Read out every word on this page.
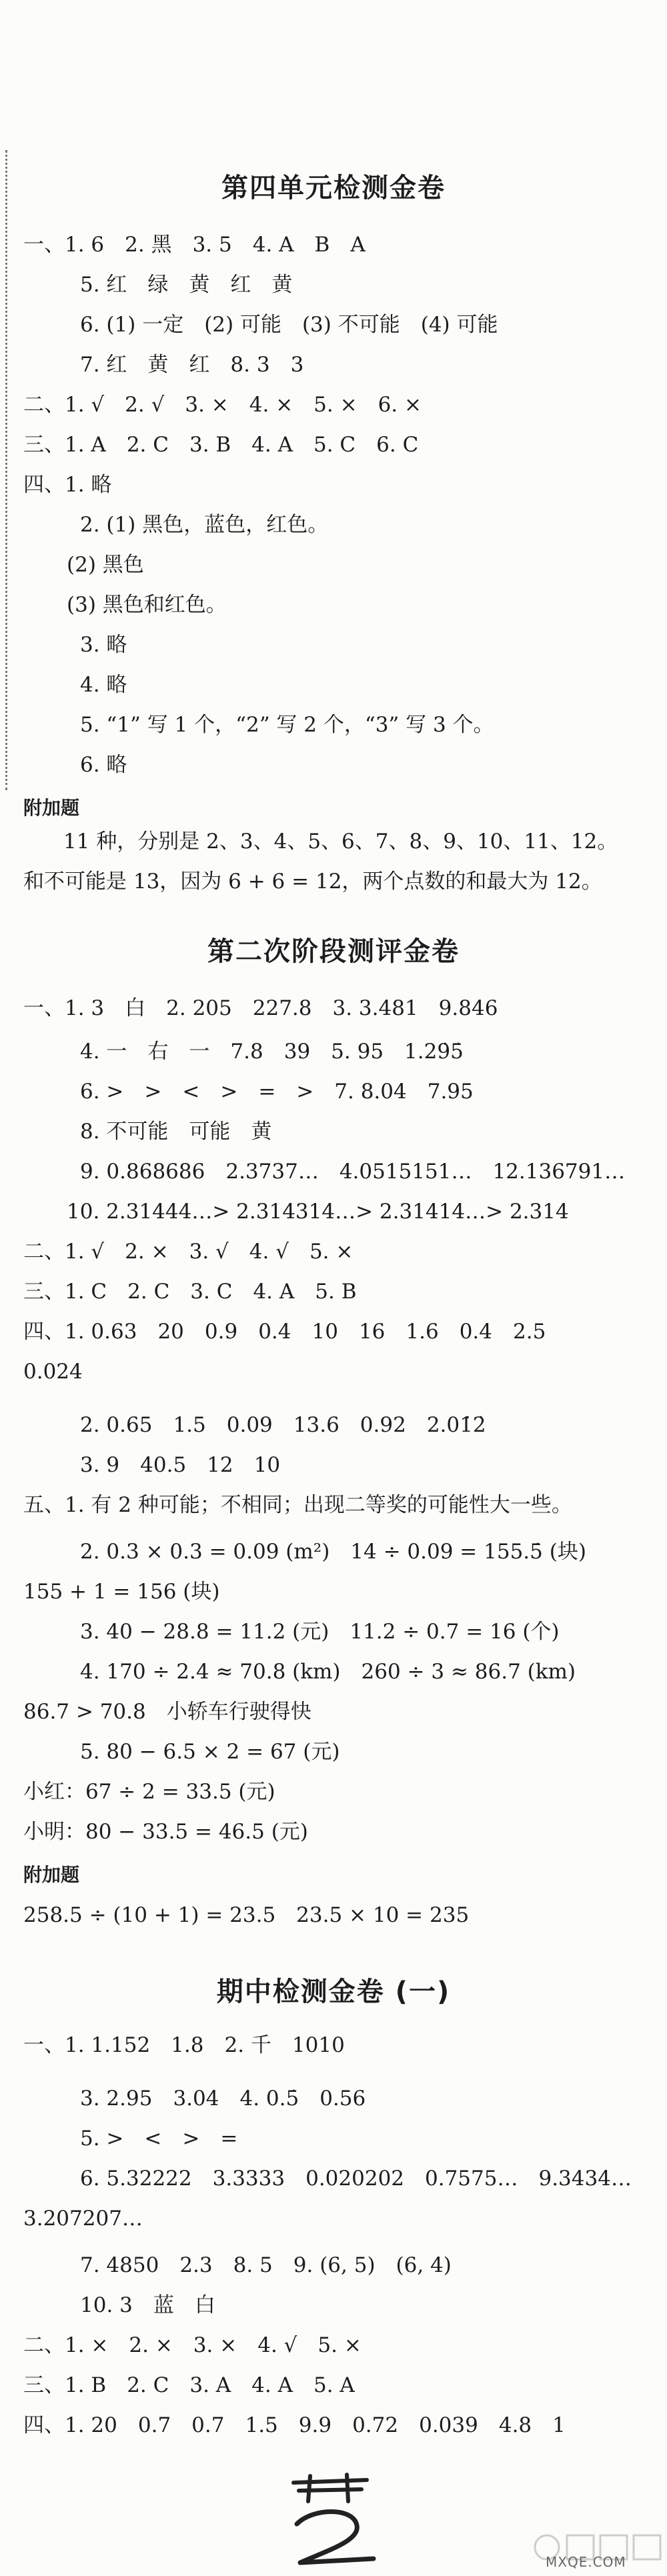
第四单元检测金卷
一、1. 6　2. 黑　3. 5　4. A　B　A
5. 红　绿　黄　红　黄
6. (1) 一定　(2) 可能　(3) 不可能　(4) 可能
7. 红　黄　红　8. 3　3
二、1. √　2. √　3. ×　4. ×　5. ×　6. ×
三、1. A　2. C　3. B　4. A　5. C　6. C
四、1. 略
2. (1) 黑色，蓝色，红色。
(2) 黑色
(3) 黑色和红色。
3. 略
4. 略
5. “1” 写 1 个，“2” 写 2 个，“3” 写 3 个。
6. 略
附加题
11 种，分别是 2、3、4、5、6、7、8、9、10、11、12。
和不可能是 13，因为 6 + 6 = 12，两个点数的和最大为 12。
第二次阶段测评金卷
一、1. 3　白　2. 205　227.8　3. 3.481　9.846
4. 一　右　一　7.8　39　5. 95　1.29̇5̇
6. >　>　<　>　=　>　7. 8.04　7.95
8. 不可能　可能　黄
9. 0.868686　2.3737…　4.0515151…　12.136791…
10. 2.31444…> 2.314314…> 2.31414…> 2.314
二、1. √　2. ×　3. √　4. √　5. ×
三、1. C　2. C　3. C　4. A　5. B
四、1. 0.63　20　0.9　0.4　10　16　1.6　0.4　2.5
0.024
2. 0.65　1.5　0.09　13.6　0.92　2.01̇2̇
3. 9　40.5　12　10
五、1. 有 2 种可能；不相同；出现二等奖的可能性大一些。
2. 0.3 × 0.3 = 0.09 (m²)　14 ÷ 0.09 = 155.5̇ (块)
155 + 1 = 156 (块)
3. 40 − 28.8 = 11.2 (元)　11.2 ÷ 0.7 = 16 (个)
4. 170 ÷ 2.4 ≈ 70.8 (km)　260 ÷ 3 ≈ 86.7 (km)
86.7 > 70.8　小轿车行驶得快
5. 80 − 6.5 × 2 = 67 (元)
小红：67 ÷ 2 = 33.5 (元)
小明：80 − 33.5 = 46.5 (元)
附加题
258.5 ÷ (10 + 1) = 23.5　23.5 × 10 = 235
期中检测金卷 (一)
一、1. 1.152　1.8　2. 千　1010
3. 2.95　3.04　4. 0.5̇　0.56
5. >　<　>　=
6. 5.32222　3.3333　0.020202　0.7575…　9.3434…
3.207207…
7. 4850　2.3　8. 5　9. (6, 5)　(6, 4)
10. 3　蓝　白
二、1. ×　2. ×　3. ×　4. √　5. ×
三、1. B　2. C　3. A　4. A　5. A
四、1. 20　0.7　0.7　1.5　9.9　0.72　0.039　4.8　1
MXQE.COM
